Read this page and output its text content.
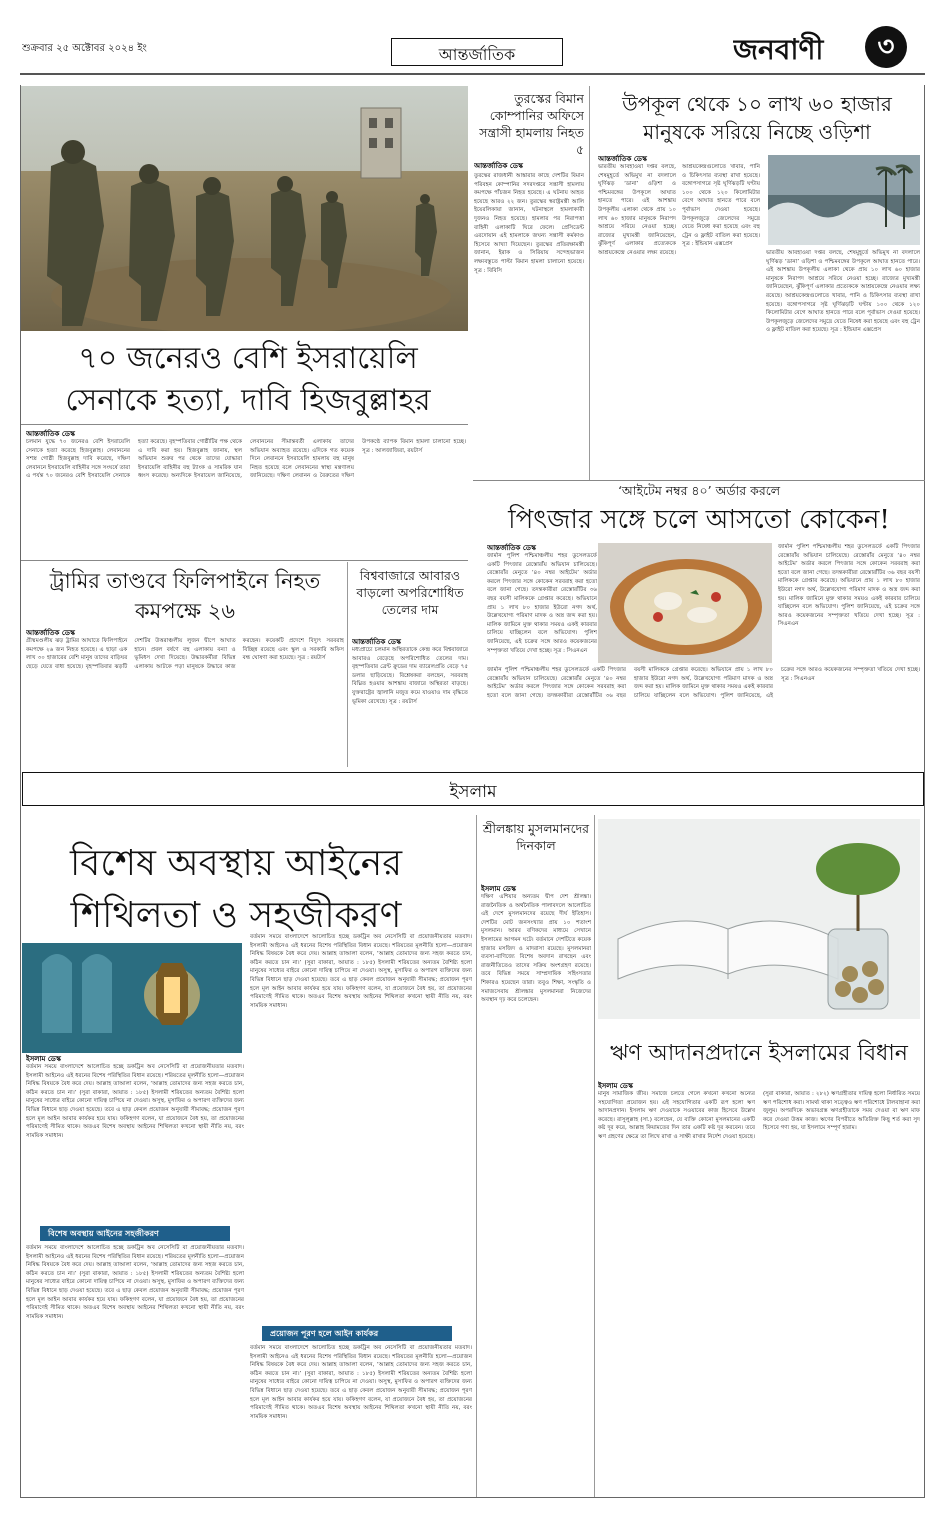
শুক্রবার ২৫ অক্টোবর ২০২৪ ইং	আন্তর্জাতিক	জনবাণী	৩
৭০ জনেরও বেশি ইসরায়েলি সেনাকে হত্যা, দাবি হিজবুল্লাহর
আন্তর্জাতিক ডেস্ক
চলমান যুদ্ধে ৭০ জনেরও বেশি ইসরায়েলি সেনাকে হত্যা করেছে হিজবুল্লাহ। লেবাননের সশস্ত্র গোষ্ঠী হিজবুল্লাহ দাবি করেছে, দক্ষিণ লেবাননে ইসরায়েলি বাহিনীর সঙ্গে সংঘর্ষে তারা এ পর্যন্ত ৭০ জনেরও বেশি ইসরায়েলি সেনাকে হত্যা করেছে। বৃহস্পতিবার গোষ্ঠীটির পক্ষ থেকে এ দাবি করা হয়। হিজবুল্লাহ জানায়, স্থল অভিযান শুরুর পর থেকে তাদের যোদ্ধারা ইসরায়েলি বাহিনীর বহু ট্যাংক ও সামরিক যান ধ্বংস করেছে। অন্যদিকে ইসরায়েল জানিয়েছে, লেবাননের সীমান্তবর্তী এলাকায় তাদের অভিযান অব্যাহত রয়েছে। এদিকে গত কয়েক দিনে লেবাননে ইসরায়েলি হামলায় বহু মানুষ নিহত হয়েছে বলে লেবাননের স্বাস্থ্য মন্ত্রণালয় জানিয়েছে। দক্ষিণ লেবানন ও বৈরুতের দক্ষিণ উপকণ্ঠে ব্যাপক বিমান হামলা চালানো হচ্ছে। সূত্র : আলজাজিরা, রয়টার্স
তুরস্কের বিমান কোম্পানির অফিসে সন্ত্রাসী হামলায় নিহত ৫
আন্তর্জাতিক ডেস্ক
তুরস্কের রাজধানী আঙ্কারার কাছে দেশটির বিমান পরিবহন কোম্পানির সদরদপ্তরে সন্ত্রাসী হামলায় কমপক্ষে পাঁচজন নিহত হয়েছে। এ ঘটনায় আহত হয়েছে আরও ২২ জন। তুরস্কের স্বরাষ্ট্রমন্ত্রী আলি ইয়েরলিকায়া জানান, ঘটনাস্থলে হামলাকারী দুজনও নিহত হয়েছে। হামলার পর নিরাপত্তা বাহিনী এলাকাটি ঘিরে ফেলে। প্রেসিডেন্ট এরদোয়ান এই হামলাকে জঘন্য সন্ত্রাসী কর্মকাণ্ড হিসেবে আখ্যা দিয়েছেন। তুরস্কের প্রতিরক্ষামন্ত্রী জানান, ইরাক ও সিরিয়ায় সন্দেহভাজন লক্ষ্যবস্তুতে পাল্টা বিমান হামলা চালানো হয়েছে। সূত্র : বিবিসি
উপকূল থেকে ১০ লাখ ৬০ হাজার মানুষকে সরিয়ে নিচ্ছে ওড়িশা
আন্তর্জাতিক ডেস্ক
ভারতীয় আবহাওয়া দপ্তর বলছে, শেষমুহূর্তে অভিমুখ না বদলালে ঘূর্ণিঝড় ‘ডানা’ ওড়িশা ও পশ্চিমবঙ্গের উপকূলে আঘাত হানতে পারে। এই আশঙ্কায় উপকূলীয় এলাকা থেকে প্রায় ১০ লাখ ৬০ হাজার মানুষকে নিরাপদ আশ্রয়ে সরিয়ে নেওয়া হচ্ছে। রাজ্যের মুখ্যমন্ত্রী জানিয়েছেন, ঝুঁকিপূর্ণ এলাকার প্রত্যেককে আশ্রয়কেন্দ্রে নেওয়ার লক্ষ্য রয়েছে। আশ্রয়কেন্দ্রগুলোতে খাবার, পানি ও চিকিৎসার ব্যবস্থা রাখা হয়েছে। বঙ্গোপসাগরে সৃষ্ট ঘূর্ণিঝড়টি ঘণ্টায় ১০০ থেকে ১২০ কিলোমিটার বেগে আঘাত হানতে পারে বলে পূর্বাভাস দেওয়া হয়েছে। উপকূলজুড়ে জেলেদের সমুদ্রে যেতে নিষেধ করা হয়েছে এবং বহু ট্রেন ও ফ্লাইট বাতিল করা হয়েছে। সূত্র : ইন্ডিয়ান এক্সপ্রেস
ভারতীয় আবহাওয়া দপ্তর বলছে, শেষমুহূর্তে অভিমুখ না বদলালে ঘূর্ণিঝড় ‘ডানা’ ওড়িশা ও পশ্চিমবঙ্গের উপকূলে আঘাত হানতে পারে। এই আশঙ্কায় উপকূলীয় এলাকা থেকে প্রায় ১০ লাখ ৬০ হাজার মানুষকে নিরাপদ আশ্রয়ে সরিয়ে নেওয়া হচ্ছে। রাজ্যের মুখ্যমন্ত্রী জানিয়েছেন, ঝুঁকিপূর্ণ এলাকার প্রত্যেককে আশ্রয়কেন্দ্রে নেওয়ার লক্ষ্য রয়েছে। আশ্রয়কেন্দ্রগুলোতে খাবার, পানি ও চিকিৎসার ব্যবস্থা রাখা হয়েছে। বঙ্গোপসাগরে সৃষ্ট ঘূর্ণিঝড়টি ঘণ্টায় ১০০ থেকে ১২০ কিলোমিটার বেগে আঘাত হানতে পারে বলে পূর্বাভাস দেওয়া হয়েছে। উপকূলজুড়ে জেলেদের সমুদ্রে যেতে নিষেধ করা হয়েছে এবং বহু ট্রেন ও ফ্লাইট বাতিল করা হয়েছে। সূত্র : ইন্ডিয়ান এক্সপ্রেস
‘আইটেম নম্বর ৪০’ অর্ডার করলে
পিৎজার সঙ্গে চলে আসতো কোকেন!
আন্তর্জাতিক ডেস্ক
জার্মান পুলিশ পশ্চিমাঞ্চলীয় শহর ডুসেলডর্ফে একটি পিৎজার রেস্তোরাঁয় অভিযান চালিয়েছে। রেস্তোরাঁর মেনুতে ‘৪০ নম্বর আইটেম’ অর্ডার করলে পিৎজার সঙ্গে কোকেন সরবরাহ করা হতো বলে জানা গেছে। তদন্তকারীরা রেস্তোরাঁটির ৩৬ বছর বয়সী মালিককে গ্রেপ্তার করেছে। অভিযানে প্রায় ১ লাখ ৮০ হাজার ইউরো নগদ অর্থ, উল্লেখযোগ্য পরিমাণ মাদক ও অস্ত্র জব্দ করা হয়। মালিক জামিনে মুক্ত থাকার সময়ও একই কারবার চালিয়ে যাচ্ছিলেন বলে অভিযোগ। পুলিশ জানিয়েছে, এই চক্রের সঙ্গে আরও কয়েকজনের সম্পৃক্ততা খতিয়ে দেখা হচ্ছে। সূত্র : সিএনএন
জার্মান পুলিশ পশ্চিমাঞ্চলীয় শহর ডুসেলডর্ফে একটি পিৎজার রেস্তোরাঁয় অভিযান চালিয়েছে। রেস্তোরাঁর মেনুতে ‘৪০ নম্বর আইটেম’ অর্ডার করলে পিৎজার সঙ্গে কোকেন সরবরাহ করা হতো বলে জানা গেছে। তদন্তকারীরা রেস্তোরাঁটির ৩৬ বছর বয়সী মালিককে গ্রেপ্তার করেছে। অভিযানে প্রায় ১ লাখ ৮০ হাজার ইউরো নগদ অর্থ, উল্লেখযোগ্য পরিমাণ মাদক ও অস্ত্র জব্দ করা হয়। মালিক জামিনে মুক্ত থাকার সময়ও একই কারবার চালিয়ে যাচ্ছিলেন বলে অভিযোগ। পুলিশ জানিয়েছে, এই চক্রের সঙ্গে আরও কয়েকজনের সম্পৃক্ততা খতিয়ে দেখা হচ্ছে। সূত্র : সিএনএন
জার্মান পুলিশ পশ্চিমাঞ্চলীয় শহর ডুসেলডর্ফে একটি পিৎজার রেস্তোরাঁয় অভিযান চালিয়েছে। রেস্তোরাঁর মেনুতে ‘৪০ নম্বর আইটেম’ অর্ডার করলে পিৎজার সঙ্গে কোকেন সরবরাহ করা হতো বলে জানা গেছে। তদন্তকারীরা রেস্তোরাঁটির ৩৬ বছর বয়সী মালিককে গ্রেপ্তার করেছে। অভিযানে প্রায় ১ লাখ ৮০ হাজার ইউরো নগদ অর্থ, উল্লেখযোগ্য পরিমাণ মাদক ও অস্ত্র জব্দ করা হয়। মালিক জামিনে মুক্ত থাকার সময়ও একই কারবার চালিয়ে যাচ্ছিলেন বলে অভিযোগ। পুলিশ জানিয়েছে, এই চক্রের সঙ্গে আরও কয়েকজনের সম্পৃক্ততা খতিয়ে দেখা হচ্ছে। সূত্র : সিএনএন
ট্রামির তাণ্ডবে ফিলিপাইনে নিহত কমপক্ষে ২৬
আন্তর্জাতিক ডেস্ক
গ্রীষ্মমণ্ডলীয় ঝড় ট্রামির আঘাতে ফিলিপাইনে কমপক্ষে ২৬ জন নিহত হয়েছে। এ ছাড়া এক লাখ ৩০ হাজারের বেশি মানুষ তাদের বাড়িঘর ছেড়ে যেতে বাধ্য হয়েছে। বৃহস্পতিবার ঝড়টি দেশটির উত্তরাঞ্চলীয় লুজন দ্বীপে আঘাত হানে। প্রবল বর্ষণে বহু এলাকায় বন্যা ও ভূমিধস দেখা দিয়েছে। উদ্ধারকর্মীরা বিভিন্ন এলাকায় আটকে পড়া মানুষকে উদ্ধারে কাজ করছেন। কয়েকটি প্রদেশে বিদ্যুৎ সরবরাহ বিচ্ছিন্ন রয়েছে এবং স্কুল ও সরকারি অফিস বন্ধ ঘোষণা করা হয়েছে। সূত্র : রয়টার্স
বিশ্ববাজারে আবারও বাড়লো অপরিশোধিত তেলের দাম
আন্তর্জাতিক ডেস্ক
মধ্যপ্রাচ্যে চলমান অস্থিরতাকে কেন্দ্র করে বিশ্ববাজারে আবারও বেড়েছে অপরিশোধিত তেলের দাম। বৃহস্পতিবার ব্রেন্ট ক্রুডের দাম ব্যারেলপ্রতি বেড়ে ৭৫ ডলার ছাড়িয়েছে। বিশ্লেষকরা বলছেন, সরবরাহ বিঘ্নিত হওয়ার আশঙ্কায় বাজারে অস্থিরতা বাড়ছে। যুক্তরাষ্ট্রের জ্বালানি মজুত কমে যাওয়াও দাম বৃদ্ধিতে ভূমিকা রেখেছে। সূত্র : রয়টার্স
ইসলাম
বিশেষ অবস্থায় আইনের শিথিলতা ও সহজীকরণ
ইসলাম ডেস্ক
বর্তমান সময়ে বাংলাদেশে আলোচিত হচ্ছে ডকট্রিন অব নেসেসিটি বা প্রয়োজনীয়তার মতবাদ। ইসলামী আইনেও এই ধরনের বিশেষ পরিস্থিতির বিধান রয়েছে। শরিয়তের মূলনীতি হলো—প্রয়োজন নিষিদ্ধ বিষয়কে বৈধ করে দেয়। আল্লাহ তাআলা বলেন, ‘আল্লাহ তোমাদের জন্য সহজ করতে চান, কঠিন করতে চান না।’ (সুরা বাকারা, আয়াত : ১৮৫) ইসলামী শরিয়তের অন্যতম বৈশিষ্ট্য হলো মানুষের সাধ্যের বাইরে কোনো দায়িত্ব চাপিয়ে না দেওয়া। অসুস্থ, মুসাফির ও অপারগ ব্যক্তিদের জন্য বিভিন্ন বিধানে ছাড় দেওয়া হয়েছে। তবে এ ছাড় কেবল প্রয়োজন অনুযায়ী সীমাবদ্ধ; প্রয়োজন পূরণ হলে মূল আইন আবার কার্যকর হয়ে যায়। ফকিহগণ বলেন, যা প্রয়োজনে বৈধ হয়, তা প্রয়োজনের পরিমাণেই সীমিত থাকে। অতএব বিশেষ অবস্থায় আইনের শিথিলতা কখনো স্থায়ী নীতি নয়, বরং সাময়িক সমাধান।
বিশেষ অবস্থায় আইনের সহজীকরণ
বর্তমান সময়ে বাংলাদেশে আলোচিত হচ্ছে ডকট্রিন অব নেসেসিটি বা প্রয়োজনীয়তার মতবাদ। ইসলামী আইনেও এই ধরনের বিশেষ পরিস্থিতির বিধান রয়েছে। শরিয়তের মূলনীতি হলো—প্রয়োজন নিষিদ্ধ বিষয়কে বৈধ করে দেয়। আল্লাহ তাআলা বলেন, ‘আল্লাহ তোমাদের জন্য সহজ করতে চান, কঠিন করতে চান না।’ (সুরা বাকারা, আয়াত : ১৮৫) ইসলামী শরিয়তের অন্যতম বৈশিষ্ট্য হলো মানুষের সাধ্যের বাইরে কোনো দায়িত্ব চাপিয়ে না দেওয়া। অসুস্থ, মুসাফির ও অপারগ ব্যক্তিদের জন্য বিভিন্ন বিধানে ছাড় দেওয়া হয়েছে। তবে এ ছাড় কেবল প্রয়োজন অনুযায়ী সীমাবদ্ধ; প্রয়োজন পূরণ হলে মূল আইন আবার কার্যকর হয়ে যায়। ফকিহগণ বলেন, যা প্রয়োজনে বৈধ হয়, তা প্রয়োজনের পরিমাণেই সীমিত থাকে। অতএব বিশেষ অবস্থায় আইনের শিথিলতা কখনো স্থায়ী নীতি নয়, বরং সাময়িক সমাধান।
বর্তমান সময়ে বাংলাদেশে আলোচিত হচ্ছে ডকট্রিন অব নেসেসিটি বা প্রয়োজনীয়তার মতবাদ। ইসলামী আইনেও এই ধরনের বিশেষ পরিস্থিতির বিধান রয়েছে। শরিয়তের মূলনীতি হলো—প্রয়োজন নিষিদ্ধ বিষয়কে বৈধ করে দেয়। আল্লাহ তাআলা বলেন, ‘আল্লাহ তোমাদের জন্য সহজ করতে চান, কঠিন করতে চান না।’ (সুরা বাকারা, আয়াত : ১৮৫) ইসলামী শরিয়তের অন্যতম বৈশিষ্ট্য হলো মানুষের সাধ্যের বাইরে কোনো দায়িত্ব চাপিয়ে না দেওয়া। অসুস্থ, মুসাফির ও অপারগ ব্যক্তিদের জন্য বিভিন্ন বিধানে ছাড় দেওয়া হয়েছে। তবে এ ছাড় কেবল প্রয়োজন অনুযায়ী সীমাবদ্ধ; প্রয়োজন পূরণ হলে মূল আইন আবার কার্যকর হয়ে যায়। ফকিহগণ বলেন, যা প্রয়োজনে বৈধ হয়, তা প্রয়োজনের পরিমাণেই সীমিত থাকে। অতএব বিশেষ অবস্থায় আইনের শিথিলতা কখনো স্থায়ী নীতি নয়, বরং সাময়িক সমাধান।
প্রয়োজন পূরণ হলে আইন কার্যকর
বর্তমান সময়ে বাংলাদেশে আলোচিত হচ্ছে ডকট্রিন অব নেসেসিটি বা প্রয়োজনীয়তার মতবাদ। ইসলামী আইনেও এই ধরনের বিশেষ পরিস্থিতির বিধান রয়েছে। শরিয়তের মূলনীতি হলো—প্রয়োজন নিষিদ্ধ বিষয়কে বৈধ করে দেয়। আল্লাহ তাআলা বলেন, ‘আল্লাহ তোমাদের জন্য সহজ করতে চান, কঠিন করতে চান না।’ (সুরা বাকারা, আয়াত : ১৮৫) ইসলামী শরিয়তের অন্যতম বৈশিষ্ট্য হলো মানুষের সাধ্যের বাইরে কোনো দায়িত্ব চাপিয়ে না দেওয়া। অসুস্থ, মুসাফির ও অপারগ ব্যক্তিদের জন্য বিভিন্ন বিধানে ছাড় দেওয়া হয়েছে। তবে এ ছাড় কেবল প্রয়োজন অনুযায়ী সীমাবদ্ধ; প্রয়োজন পূরণ হলে মূল আইন আবার কার্যকর হয়ে যায়। ফকিহগণ বলেন, যা প্রয়োজনে বৈধ হয়, তা প্রয়োজনের পরিমাণেই সীমিত থাকে। অতএব বিশেষ অবস্থায় আইনের শিথিলতা কখনো স্থায়ী নীতি নয়, বরং সাময়িক সমাধান।
শ্রীলঙ্কায় মুসলমানদের দিনকাল
ইসলাম ডেস্ক
দক্ষিণ এশিয়ার অন্যতম দ্বীপ দেশ শ্রীলঙ্কা। রাজনৈতিক ও অর্থনৈতিক পালাবদলে আলোচিত এই দেশে মুসলমানদের রয়েছে দীর্ঘ ইতিহাস। দেশটির মোট জনসংখ্যার প্রায় ১০ শতাংশ মুসলমান। আরব বণিকদের মাধ্যমে সেখানে ইসলামের আগমন ঘটে। বর্তমানে দেশটিতে কয়েক হাজার মসজিদ ও মাদরাসা রয়েছে। মুসলমানরা ব্যবসা-বাণিজ্যে বিশেষ অবদান রাখছেন এবং রাজনীতিতেও তাদের সক্রিয় অংশগ্রহণ রয়েছে। তবে বিভিন্ন সময়ে সাম্প্রদায়িক সহিংসতার শিকারও হয়েছেন তারা। তবুও শিক্ষা, সংস্কৃতি ও সমাজসেবায় শ্রীলঙ্কার মুসলমানরা নিজেদের অবস্থান দৃঢ় করে চলেছেন।
ঋণ আদানপ্রদানে ইসলামের বিধান
ইসলাম ডেস্ক
মানুষ সামাজিক জীব। সমাজে চলতে গেলে কখনো কখনো অন্যের সহযোগিতা প্রয়োজন হয়। এই সহযোগিতার একটি রূপ হলো ঋণ আদানপ্রদান। ইসলাম ঋণ দেওয়াকে সওয়াবের কাজ হিসেবে উল্লেখ করেছে। রাসুলুল্লাহ (সা.) বলেছেন, যে ব্যক্তি কোনো মুসলমানের একটি কষ্ট দূর করে, আল্লাহ কিয়ামতের দিন তার একটি কষ্ট দূর করবেন। তবে ঋণ গ্রহণের ক্ষেত্রে তা লিখে রাখা ও সাক্ষী রাখার নির্দেশ দেওয়া হয়েছে। (সুরা বাকারা, আয়াত : ২৮২) ঋণগ্রহীতার দায়িত্ব হলো নির্ধারিত সময়ে ঋণ পরিশোধ করা। সামর্থ্য থাকা সত্ত্বেও ঋণ পরিশোধে টালবাহানা করা জুলুম। অপরদিকে অভাবগ্রস্ত ঋণগ্রহীতাকে সময় দেওয়া বা ঋণ মাফ করে দেওয়া উত্তম কাজ। ঋণের বিপরীতে অতিরিক্ত কিছু শর্ত করা সুদ হিসেবে গণ্য হয়, যা ইসলামে সম্পূর্ণ হারাম।
